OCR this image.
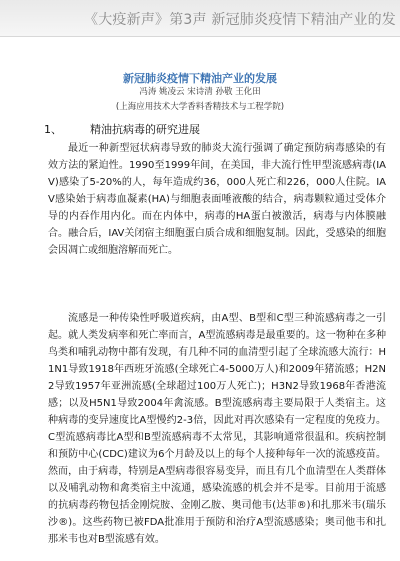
《大疫新声》第3声 新冠肺炎疫情下精油产业的发
新冠肺炎疫情下精油产业的发展
冯涛 姚凌云 宋诗清 孙敬 王化田
(上海应用技术大学香料香精技术与工程学院)
1、	精油抗病毒的研究进展

最近一种新型冠状病毒导致的肺炎大流行强调了确定预防病毒感染的有效方法的紧迫性。1990至1999年间，在美国，非大流行性甲型流感病毒(IAV)感染了5-20%的人，每年造成约36，000人死亡和226，000人住院。IAV感染始于病毒血凝素(HA)与细胞表面唾液酸的结合，病毒颗粒通过受体介导的内吞作用内化。而在内体中，病毒的HA蛋白被激活，病毒与内体膜融合。融合后，IAV关闭宿主细胞蛋白质合成和细胞复制。因此，受感染的细胞会因凋亡或细胞溶解而死亡。

流感是一种传染性呼吸道疾病，由A型、B型和C型三种流感病毒之一引起。就人类发病率和死亡率而言，A型流感病毒是最重要的。这一物种在多种鸟类和哺乳动物中都有发现，有几种不同的血清型引起了全球流感大流行：H1N1导致1918年西班牙流感(全球死亡4-5000万人)和2009年猪流感；H2N2导致1957年亚洲流感(全球超过100万人死亡)；H3N2导致1968年香港流感；以及H5N1导致2004年禽流感。B型流感病毒主要局限于人类宿主。这种病毒的变异速度比A型慢约2-3倍，因此对再次感染有一定程度的免疫力。C型流感病毒比A型和B型流感病毒不太常见，其影响通常很温和。疾病控制和预防中心(CDC)建议为6个月龄及以上的每个人接种每年一次的流感疫苗。然而，由于病毒，特别是A型病毒很容易变异，而且有几个血清型在人类群体以及哺乳动物和禽类宿主中流通，感染流感的机会并不是零。目前用于流感的抗病毒药物包括金刚烷胺、金刚乙胺、奥司他韦(达菲®)和扎那米韦(瑞乐沙®)。这些药物已被FDA批准用于预防和治疗A型流感感染；奥司他韦和扎那米韦也对B型流感有效。
